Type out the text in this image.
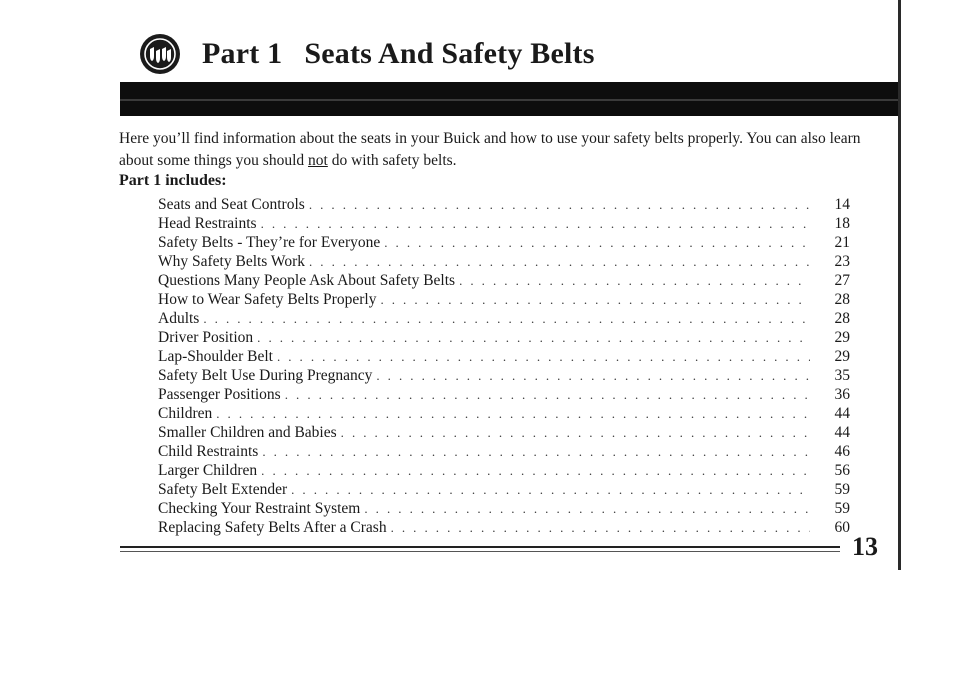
Part 1 Seats And Safety Belts
Here you’ll find information about the seats in your Buick and how to use your safety belts properly. You can also learn about some things you should not do with safety belts.
Part 1 includes:
Seats and Seat Controls . . .	14
Head Restraints . . .	18
Safety Belts - They’re for Everyone . . .	21
Why Safety Belts Work . . .	23
Questions Many People Ask About Safety Belts . . .	27
How to Wear Safety Belts Properly . . .	28
Adults . . .	28
Driver Position . . .	29
Lap-Shoulder Belt . . .	29
Safety Belt Use During Pregnancy . . .	35
Passenger Positions . . .	36
Children . . .	44
Smaller Children and Babies . . .	44
Child Restraints . . .	46
Larger Children . . .	56
Safety Belt Extender . . .	59
Checking Your Restraint System . . .	59
Replacing Safety Belts After a Crash . . .	60
13
